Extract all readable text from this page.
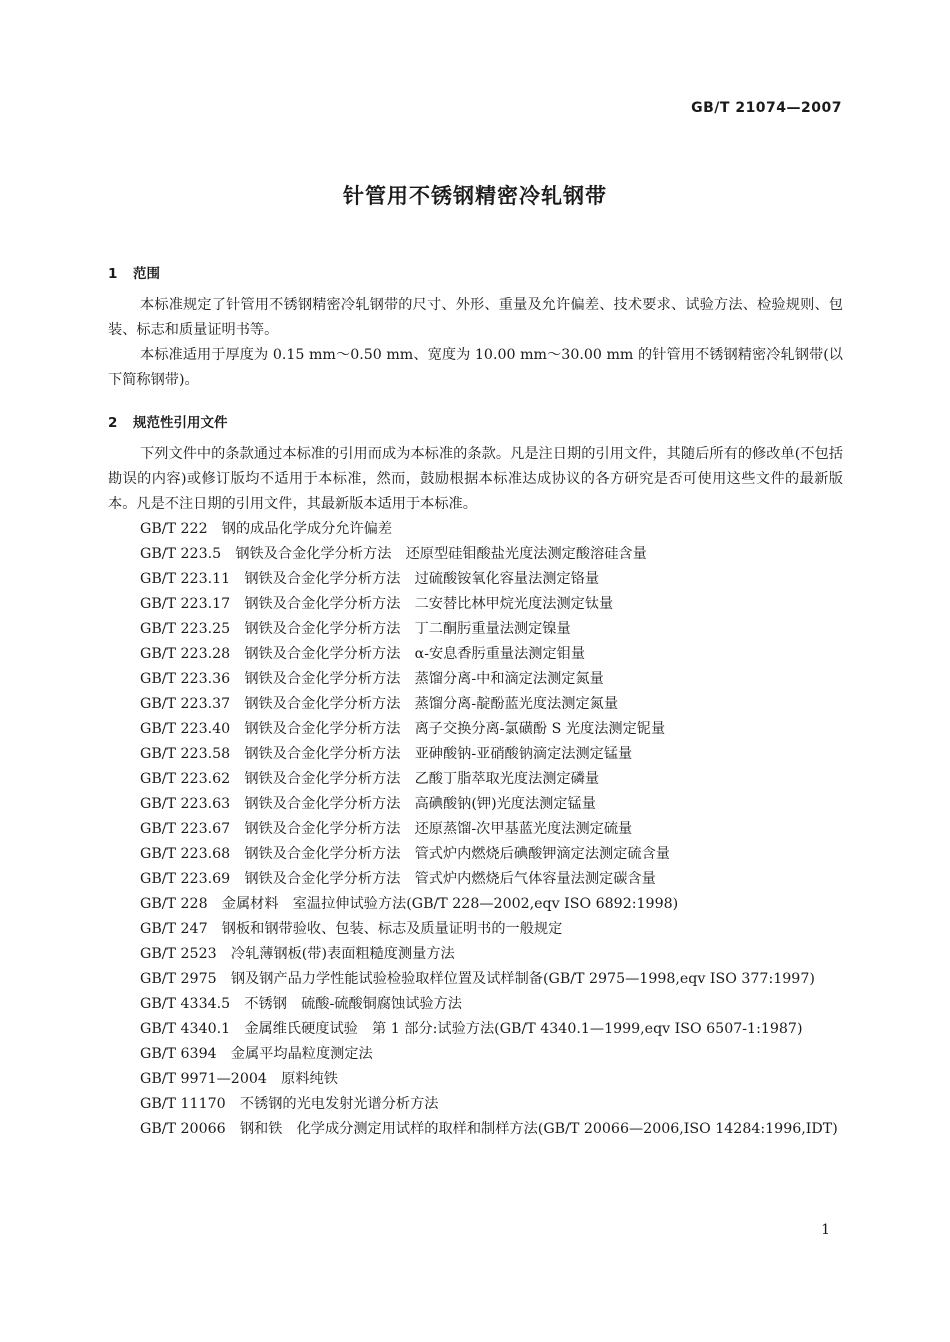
GB/T 21074—2007
针管用不锈钢精密冷轧钢带
1 范围

本标准规定了针管用不锈钢精密冷轧钢带的尺寸、外形、重量及允许偏差、技术要求、试验方法、检验规则、包装、标志和质量证明书等。

本标准适用于厚度为 0.15 mm～0.50 mm、宽度为 10.00 mm～30.00 mm 的针管用不锈钢精密冷轧钢带(以下简称钢带)。

2 规范性引用文件

下列文件中的条款通过本标准的引用而成为本标准的条款。凡是注日期的引用文件，其随后所有的修改单(不包括勘误的内容)或修订版均不适用于本标准，然而，鼓励根据本标准达成协议的各方研究是否可使用这些文件的最新版本。凡是不注日期的引用文件，其最新版本适用于本标准。

GB/T 222　 钢的成品化学成分允许偏差
GB/T 223.5　 钢铁及合金化学分析方法　还原型硅钼酸盐光度法测定酸溶硅含量
GB/T 223.11　 钢铁及合金化学分析方法　过硫酸铵氧化容量法测定铬量
GB/T 223.17　 钢铁及合金化学分析方法　二安替比林甲烷光度法测定钛量
GB/T 223.25　 钢铁及合金化学分析方法　丁二酮肟重量法测定镍量
GB/T 223.28　 钢铁及合金化学分析方法　α-安息香肟重量法测定钼量
GB/T 223.36　 钢铁及合金化学分析方法　蒸馏分离-中和滴定法测定氮量
GB/T 223.37　 钢铁及合金化学分析方法　蒸馏分离-靛酚蓝光度法测定氮量
GB/T 223.40　 钢铁及合金化学分析方法　离子交换分离-氯磺酚 S 光度法测定铌量
GB/T 223.58　 钢铁及合金化学分析方法　亚砷酸钠-亚硝酸钠滴定法测定锰量
GB/T 223.62　 钢铁及合金化学分析方法　乙酸丁脂萃取光度法测定磷量
GB/T 223.63　 钢铁及合金化学分析方法　高碘酸钠(钾)光度法测定锰量
GB/T 223.67　 钢铁及合金化学分析方法　还原蒸馏-次甲基蓝光度法测定硫量
GB/T 223.68　 钢铁及合金化学分析方法　管式炉内燃烧后碘酸钾滴定法测定硫含量
GB/T 223.69　 钢铁及合金化学分析方法　管式炉内燃烧后气体容量法测定碳含量
GB/T 228　 金属材料　室温拉伸试验方法(GB/T 228—2002,eqv ISO 6892:1998)
GB/T 247　 钢板和钢带验收、包装、标志及质量证明书的一般规定
GB/T 2523　 冷轧薄钢板(带)表面粗糙度测量方法
GB/T 2975　 钢及钢产品力学性能试验检验取样位置及试样制备(GB/T 2975—1998,eqv ISO 377:1997)
GB/T 4334.5　 不锈钢　硫酸-硫酸铜腐蚀试验方法
GB/T 4340.1　 金属维氏硬度试验　第 1 部分:试验方法(GB/T 4340.1—1999,eqv ISO 6507-1:1987)
GB/T 6394　 金属平均晶粒度测定法
GB/T 9971—2004　 原料纯铁
GB/T 11170　 不锈钢的光电发射光谱分析方法
GB/T 20066　 钢和铁　化学成分测定用试样的取样和制样方法(GB/T 20066—2006,ISO 14284:1996,IDT)
1
